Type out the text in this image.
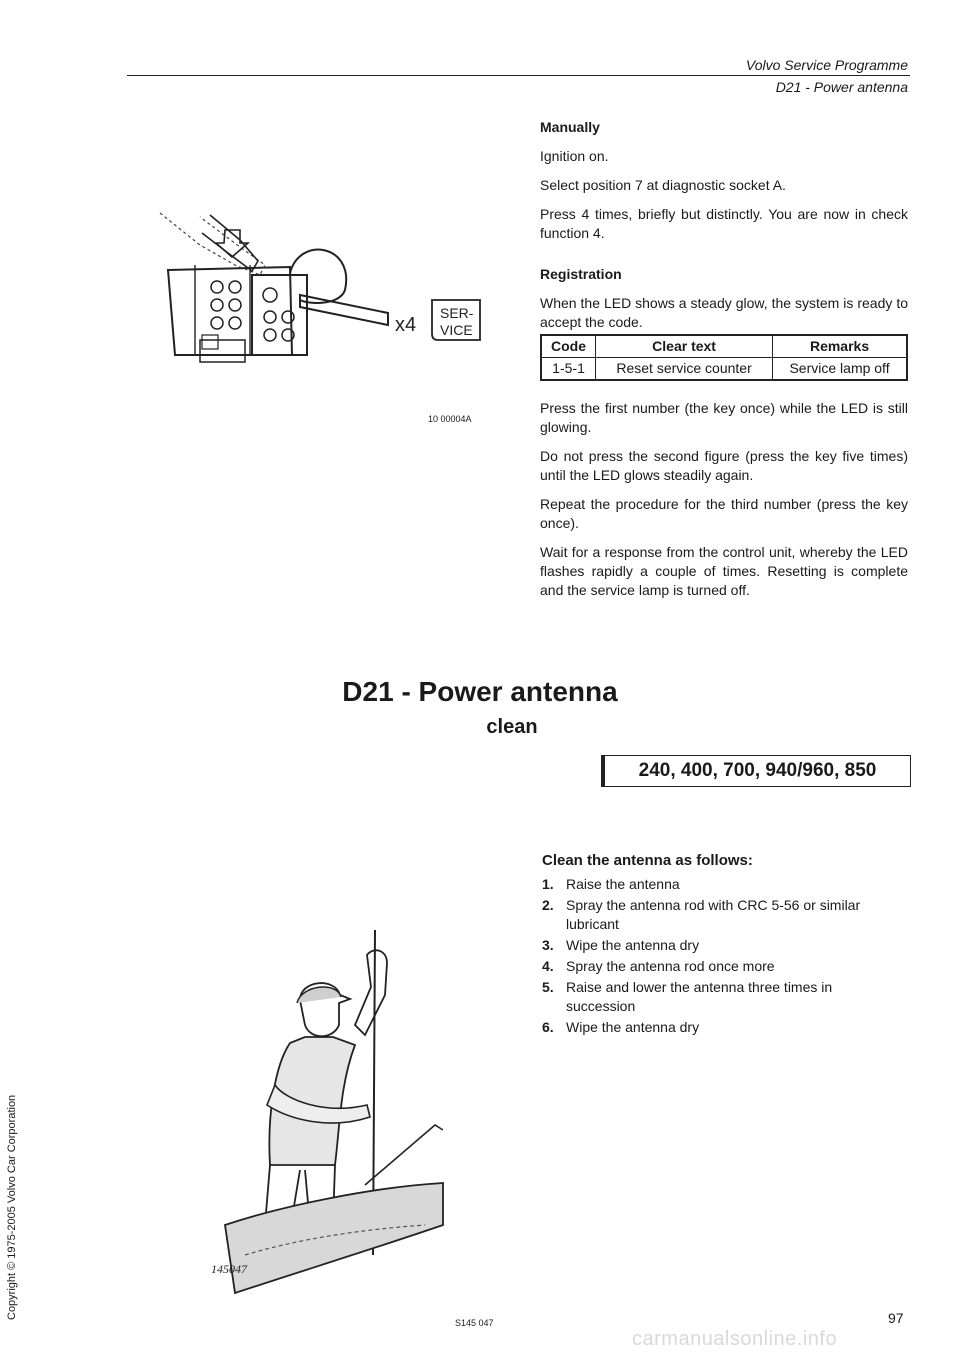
Volvo Service Programme
D21 - Power antenna
x4
SER-
VICE
10 00004A
Manually

Ignition on.

Select position 7 at diagnostic socket A.

Press 4 times, briefly but distinctly. You are now in check function 4.

Registration

When the LED shows a steady glow, the system is ready to accept the code.

Code	Clear text	Remarks
1-5-1	Reset service counter	Service lamp off

Press the first number (the key once) while the LED is still glowing.

Do not press the second figure (press the key five times) until the LED glows steadily again.

Repeat the procedure for the third number (press the key once).

Wait for a response from the control unit, whereby the LED flashes rapidly a couple of times. Resetting is complete and the service lamp is turned off.

D21 - Power antenna
clean
240, 400, 700, 940/960, 850
Clean the antenna as follows:
1. Raise the antenna
2. Spray the antenna rod with CRC 5-56 or similar lubricant
3. Wipe the antenna dry
4. Spray the antenna rod once more
5. Raise and lower the antenna three times in succession
6. Wipe the antenna dry
145047
S145 047
Copyright © 1975-2005 Volvo Car Corporation	97
carmanualsonline.info
